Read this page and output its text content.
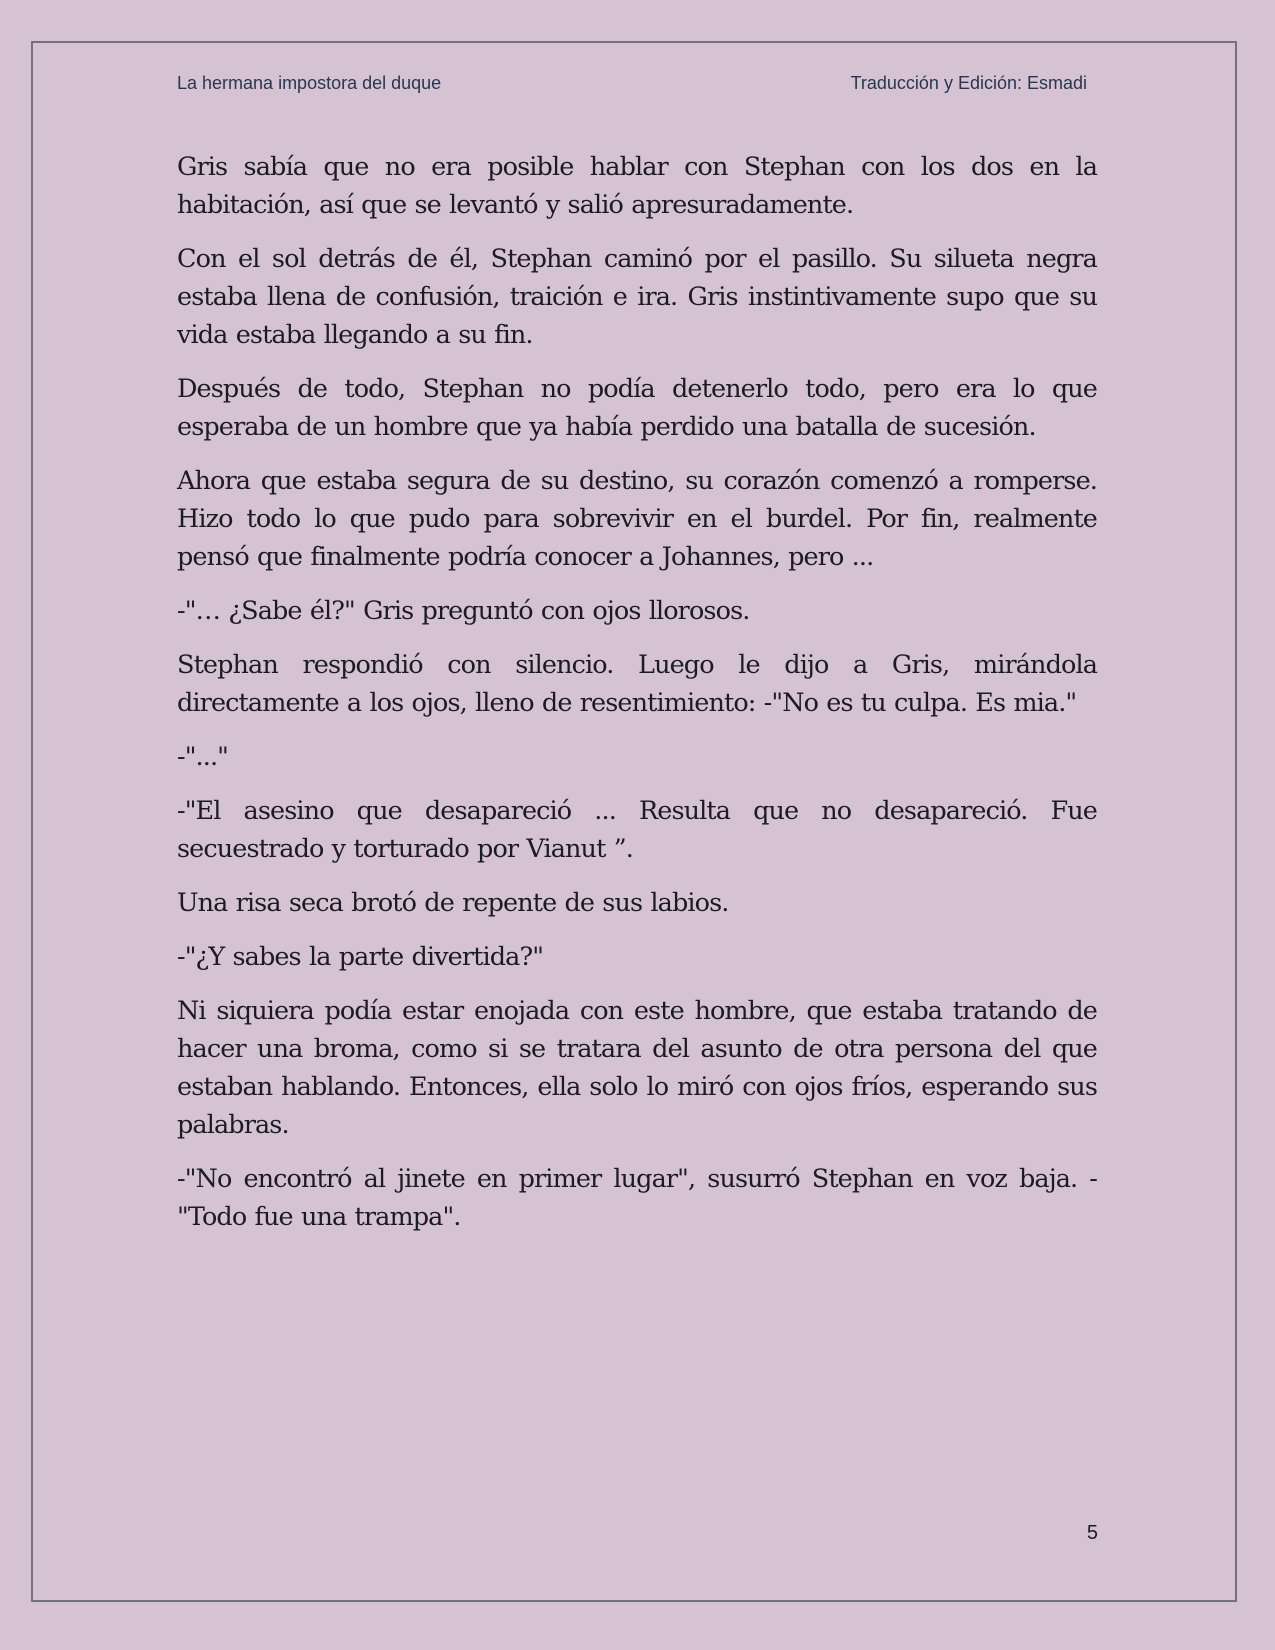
La hermana impostora del duque	Traducción y Edición: Esmadi

Gris sabía que no era posible hablar con Stephan con los dos en la habitación, así que se levantó y salió apresuradamente.

Con el sol detrás de él, Stephan caminó por el pasillo. Su silueta negra estaba llena de confusión, traición e ira. Gris instintivamente supo que su vida estaba llegando a su fin.

Después de todo, Stephan no podía detenerlo todo, pero era lo que esperaba de un hombre que ya había perdido una batalla de sucesión.

Ahora que estaba segura de su destino, su corazón comenzó a romperse. Hizo todo lo que pudo para sobrevivir en el burdel. Por fin, realmente pensó que finalmente podría conocer a Johannes, pero ...

-"… ¿Sabe él?" Gris preguntó con ojos llorosos.

Stephan respondió con silencio. Luego le dijo a Gris, mirándola directamente a los ojos, lleno de resentimiento: -"No es tu culpa. Es mia."

-"..."

-"El asesino que desapareció ... Resulta que no desapareció. Fue secuestrado y torturado por Vianut ”.

Una risa seca brotó de repente de sus labios.

-"¿Y sabes la parte divertida?"

Ni siquiera podía estar enojada con este hombre, que estaba tratando de hacer una broma, como si se tratara del asunto de otra persona del que estaban hablando. Entonces, ella solo lo miró con ojos fríos, esperando sus palabras.

-"No encontró al jinete en primer lugar", susurró Stephan en voz baja. -"Todo fue una trampa".

5
